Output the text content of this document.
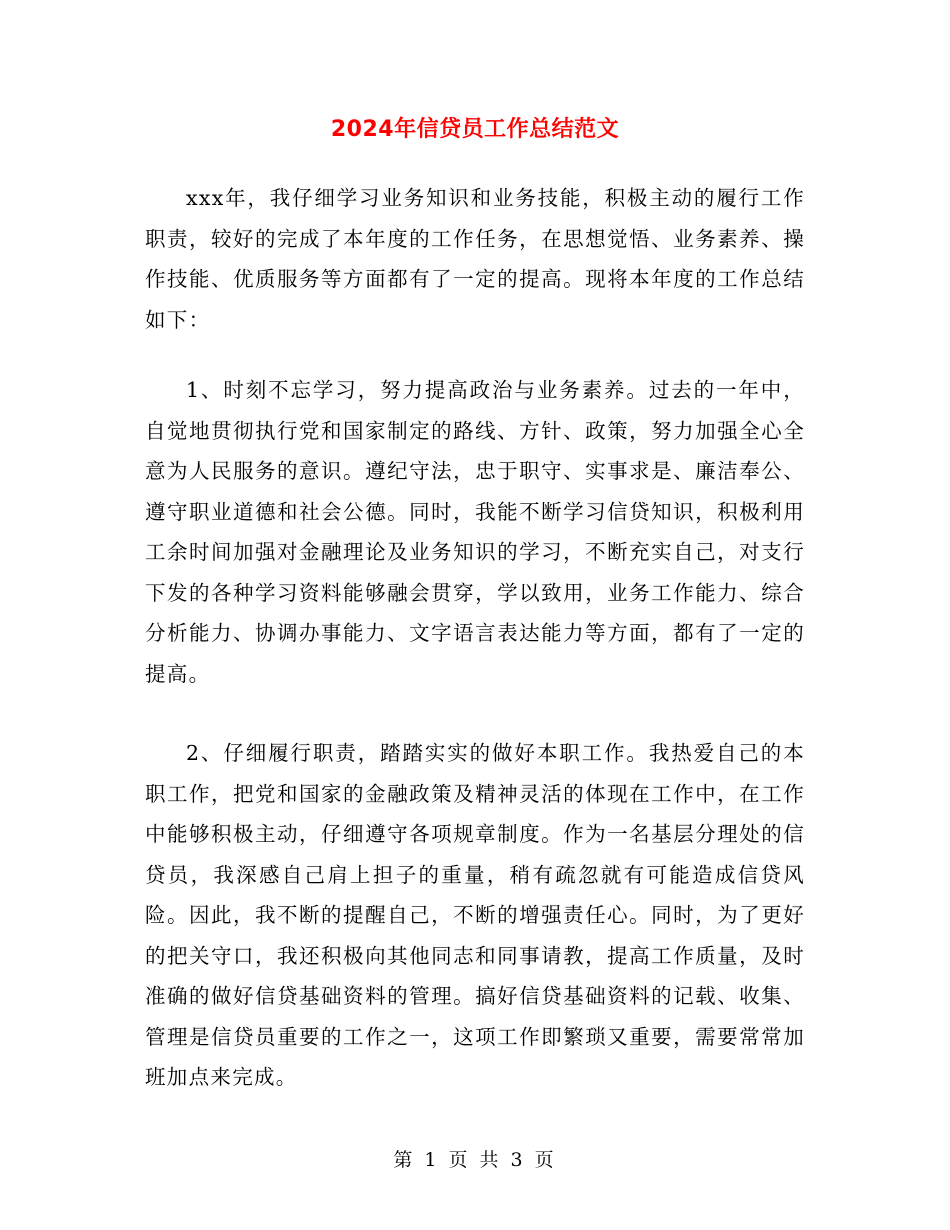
2024年信贷员工作总结范文

xxx年，我仔细学习业务知识和业务技能，积极主动的履行工作职责，较好的完成了本年度的工作任务，在思想觉悟、业务素养、操作技能、优质服务等方面都有了一定的提高。现将本年度的工作总结如下：

1、时刻不忘学习，努力提高政治与业务素养。过去的一年中，自觉地贯彻执行党和国家制定的路线、方针、政策，努力加强全心全意为人民服务的意识。遵纪守法，忠于职守、实事求是、廉洁奉公、遵守职业道德和社会公德。同时，我能不断学习信贷知识，积极利用工余时间加强对金融理论及业务知识的学习，不断充实自己，对支行下发的各种学习资料能够融会贯穿，学以致用，业务工作能力、综合分析能力、协调办事能力、文字语言表达能力等方面，都有了一定的提高。

2、仔细履行职责，踏踏实实的做好本职工作。我热爱自己的本职工作，把党和国家的金融政策及精神灵活的体现在工作中，在工作中能够积极主动，仔细遵守各项规章制度。作为一名基层分理处的信贷员，我深感自己肩上担子的重量，稍有疏忽就有可能造成信贷风险。因此，我不断的提醒自己，不断的增强责任心。同时，为了更好的把关守口，我还积极向其他同志和同事请教，提高工作质量，及时准确的做好信贷基础资料的管理。搞好信贷基础资料的记载、收集、管理是信贷员重要的工作之一，这项工作即繁琐又重要，需要常常加班加点来完成。

第 1 页 共 3 页
